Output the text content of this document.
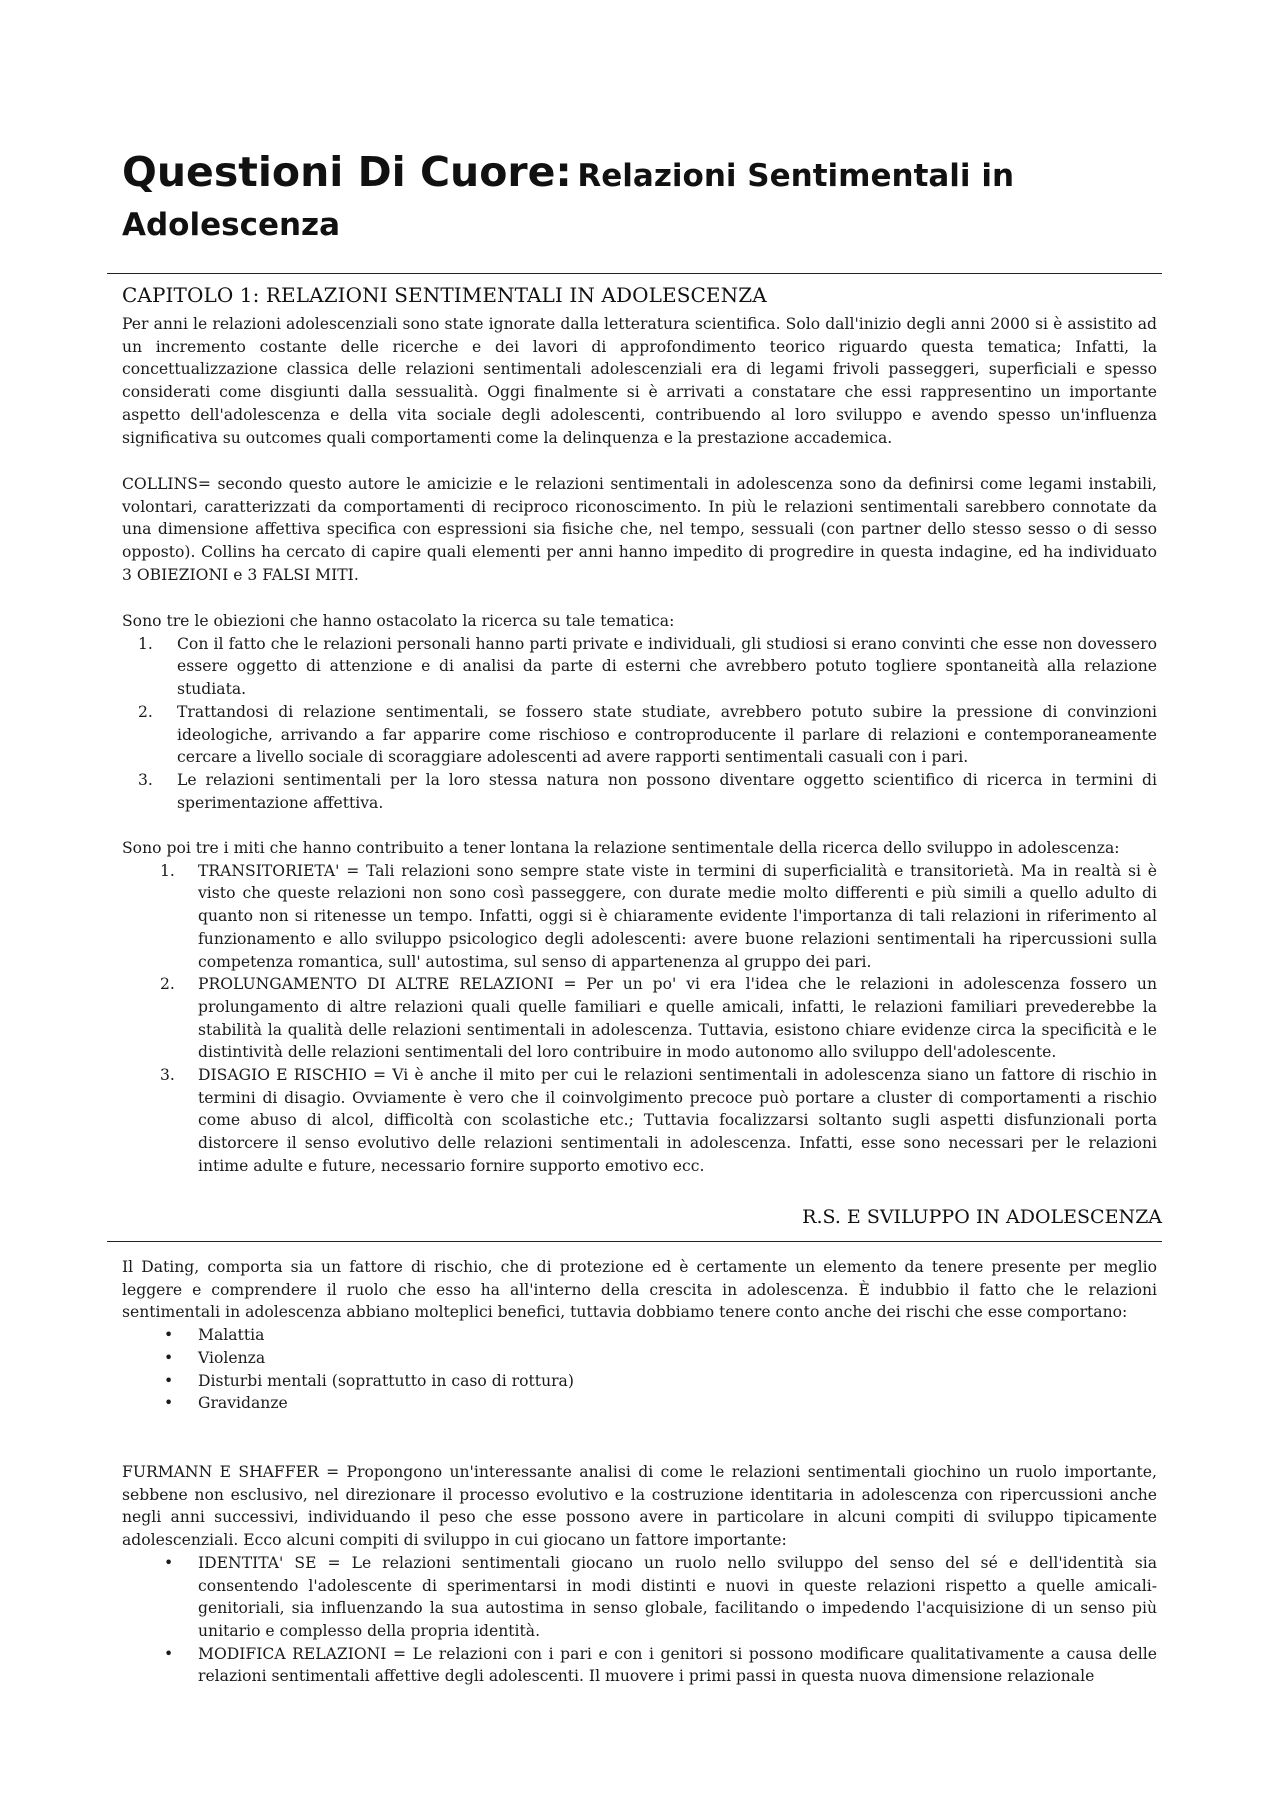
Questioni Di Cuore: Relazioni Sentimentali in
Adolescenza
CAPITOLO 1: RELAZIONI SENTIMENTALI IN ADOLESCENZA

Per anni le relazioni adolescenziali sono state ignorate dalla letteratura scientifica. Solo dall'inizio degli anni 2000 si è assistito ad un incremento costante delle ricerche e dei lavori di approfondimento teorico riguardo questa tematica; Infatti, la concettualizzazione classica delle relazioni sentimentali adolescenziali era di legami frivoli passeggeri, superficiali e spesso considerati come disgiunti dalla sessualità. Oggi finalmente si è arrivati a constatare che essi rappresentino un importante aspetto dell'adolescenza e della vita sociale degli adolescenti, contribuendo al loro sviluppo e avendo spesso un'influenza significativa su outcomes quali comportamenti come la delinquenza e la prestazione accademica.

COLLINS= secondo questo autore le amicizie e le relazioni sentimentali in adolescenza sono da definirsi come legami instabili, volontari, caratterizzati da comportamenti di reciproco riconoscimento. In più le relazioni sentimentali sarebbero connotate da una dimensione affettiva specifica con espressioni sia fisiche che, nel tempo, sessuali (con partner dello stesso sesso o di sesso opposto). Collins ha cercato di capire quali elementi per anni hanno impedito di progredire in questa indagine, ed ha individuato 3 OBIEZIONI e 3 FALSI MITI.

Sono tre le obiezioni che hanno ostacolato la ricerca su tale tematica:

1. Con il fatto che le relazioni personali hanno parti private e individuali, gli studiosi si erano convinti che esse non dovessero essere oggetto di attenzione e di analisi da parte di esterni che avrebbero potuto togliere spontaneità alla relazione studiata.
2. Trattandosi di relazione sentimentali, se fossero state studiate, avrebbero potuto subire la pressione di convinzioni ideologiche, arrivando a far apparire come rischioso e controproducente il parlare di relazioni e contemporaneamente cercare a livello sociale di scoraggiare adolescenti ad avere rapporti sentimentali casuali con i pari.
3. Le relazioni sentimentali per la loro stessa natura non possono diventare oggetto scientifico di ricerca in termini di sperimentazione affettiva.

Sono poi tre i miti che hanno contribuito a tener lontana la relazione sentimentale della ricerca dello sviluppo in adolescenza:

1. TRANSITORIETA' = Tali relazioni sono sempre state viste in termini di superficialità e transitorietà. Ma in realtà si è visto che queste relazioni non sono così passeggere, con durate medie molto differenti e più simili a quello adulto di quanto non si ritenesse un tempo. Infatti, oggi si è chiaramente evidente l'importanza di tali relazioni in riferimento al funzionamento e allo sviluppo psicologico degli adolescenti: avere buone relazioni sentimentali ha ripercussioni sulla competenza romantica, sull' autostima, sul senso di appartenenza al gruppo dei pari.
2. PROLUNGAMENTO DI ALTRE RELAZIONI = Per un po' vi era l'idea che le relazioni in adolescenza fossero un prolungamento di altre relazioni quali quelle familiari e quelle amicali, infatti, le relazioni familiari prevederebbe la stabilità la qualità delle relazioni sentimentali in adolescenza. Tuttavia, esistono chiare evidenze circa la specificità e le distintività delle relazioni sentimentali del loro contribuire in modo autonomo allo sviluppo dell'adolescente.
3. DISAGIO E RISCHIO = Vi è anche il mito per cui le relazioni sentimentali in adolescenza siano un fattore di rischio in termini di disagio. Ovviamente è vero che il coinvolgimento precoce può portare a cluster di comportamenti a rischio come abuso di alcol, difficoltà con scolastiche etc.; Tuttavia focalizzarsi soltanto sugli aspetti disfunzionali porta distorcere il senso evolutivo delle relazioni sentimentali in adolescenza. Infatti, esse sono necessari per le relazioni intime adulte e future, necessario fornire supporto emotivo ecc.
R.S. E SVILUPPO IN ADOLESCENZA

Il Dating, comporta sia un fattore di rischio, che di protezione ed è certamente un elemento da tenere presente per meglio leggere e comprendere il ruolo che esso ha all'interno della crescita in adolescenza. È indubbio il fatto che le relazioni sentimentali in adolescenza abbiano molteplici benefici, tuttavia dobbiamo tenere conto anche dei rischi che esse comportano:

• Malattia
• Violenza
• Disturbi mentali (soprattutto in caso di rottura)
• Gravidanze

FURMANN E SHAFFER = Propongono un'interessante analisi di come le relazioni sentimentali giochino un ruolo importante, sebbene non esclusivo, nel direzionare il processo evolutivo e la costruzione identitaria in adolescenza con ripercussioni anche negli anni successivi, individuando il peso che esse possono avere in particolare in alcuni compiti di sviluppo tipicamente adolescenziali. Ecco alcuni compiti di sviluppo in cui giocano un fattore importante:

• IDENTITA' SE = Le relazioni sentimentali giocano un ruolo nello sviluppo del senso del sé e dell'identità sia consentendo l'adolescente di sperimentarsi in modi distinti e nuovi in queste relazioni rispetto a quelle amicali-genitoriali, sia influenzando la sua autostima in senso globale, facilitando o impedendo l'acquisizione di un senso più unitario e complesso della propria identità.
• MODIFICA RELAZIONI = Le relazioni con i pari e con i genitori si possono modificare qualitativamente a causa delle relazioni sentimentali affettive degli adolescenti. Il muovere i primi passi in questa nuova dimensione relazionale
